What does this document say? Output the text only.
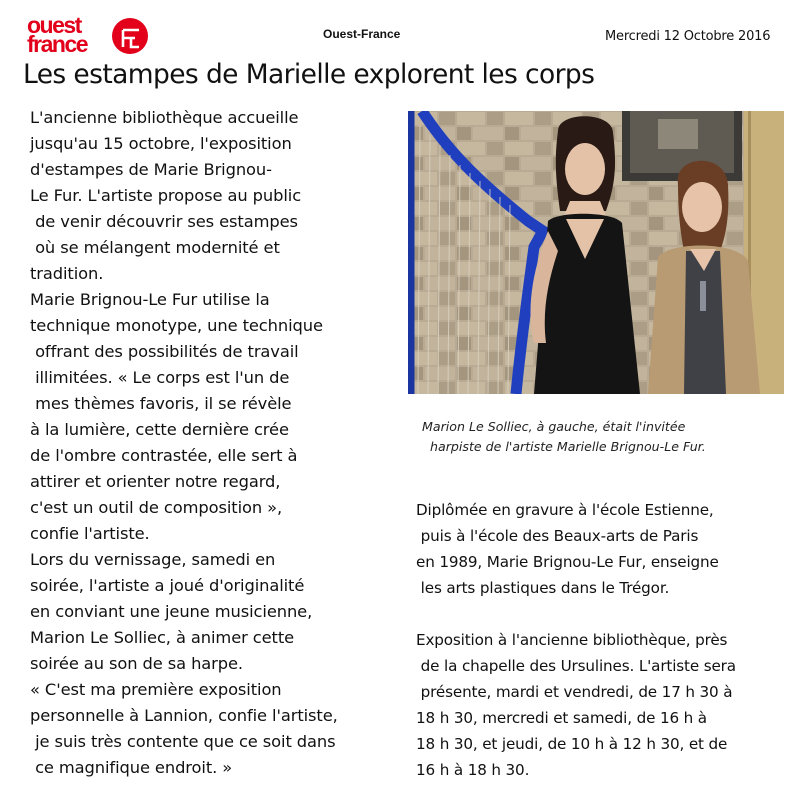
ouest
france	Ouest-France	Mercredi 12 Octobre 2016
Les estampes de Marielle explorent les corps
L'ancienne bibliothèque accueille
jusqu'au 15 octobre, l'exposition
d'estampes de Marie Brignou-
Le Fur. L'artiste propose au public
de venir découvrir ses estampes
où se mélangent modernité et
tradition.
Marie Brignou-Le Fur utilise la
technique monotype, une technique
offrant des possibilités de travail
illimitées. « Le corps est l'un de
mes thèmes favoris, il se révèle
à la lumière, cette dernière crée
de l'ombre contrastée, elle sert à
attirer et orienter notre regard,
c'est un outil de composition »,
confie l'artiste.
Lors du vernissage, samedi en
soirée, l'artiste a joué d'originalité
en conviant une jeune musicienne,
Marion Le Solliec, à animer cette
soirée au son de sa harpe.
« C'est ma première exposition
personnelle à Lannion, confie l'artiste,
je suis très contente que ce soit dans
ce magnifique endroit. »
Marion Le Solliec, à gauche, était l'invitée
harpiste de l'artiste Marielle Brignou-Le Fur.
Diplômée en gravure à l'école Estienne,
puis à l'école des Beaux-arts de Paris
en 1989, Marie Brignou-Le Fur, enseigne
les arts plastiques dans le Trégor.
Exposition à l'ancienne bibliothèque, près
de la chapelle des Ursulines. L'artiste sera
présente, mardi et vendredi, de 17 h 30 à
18 h 30, mercredi et samedi, de 16 h à
18 h 30, et jeudi, de 10 h à 12 h 30, et de
16 h à 18 h 30.
